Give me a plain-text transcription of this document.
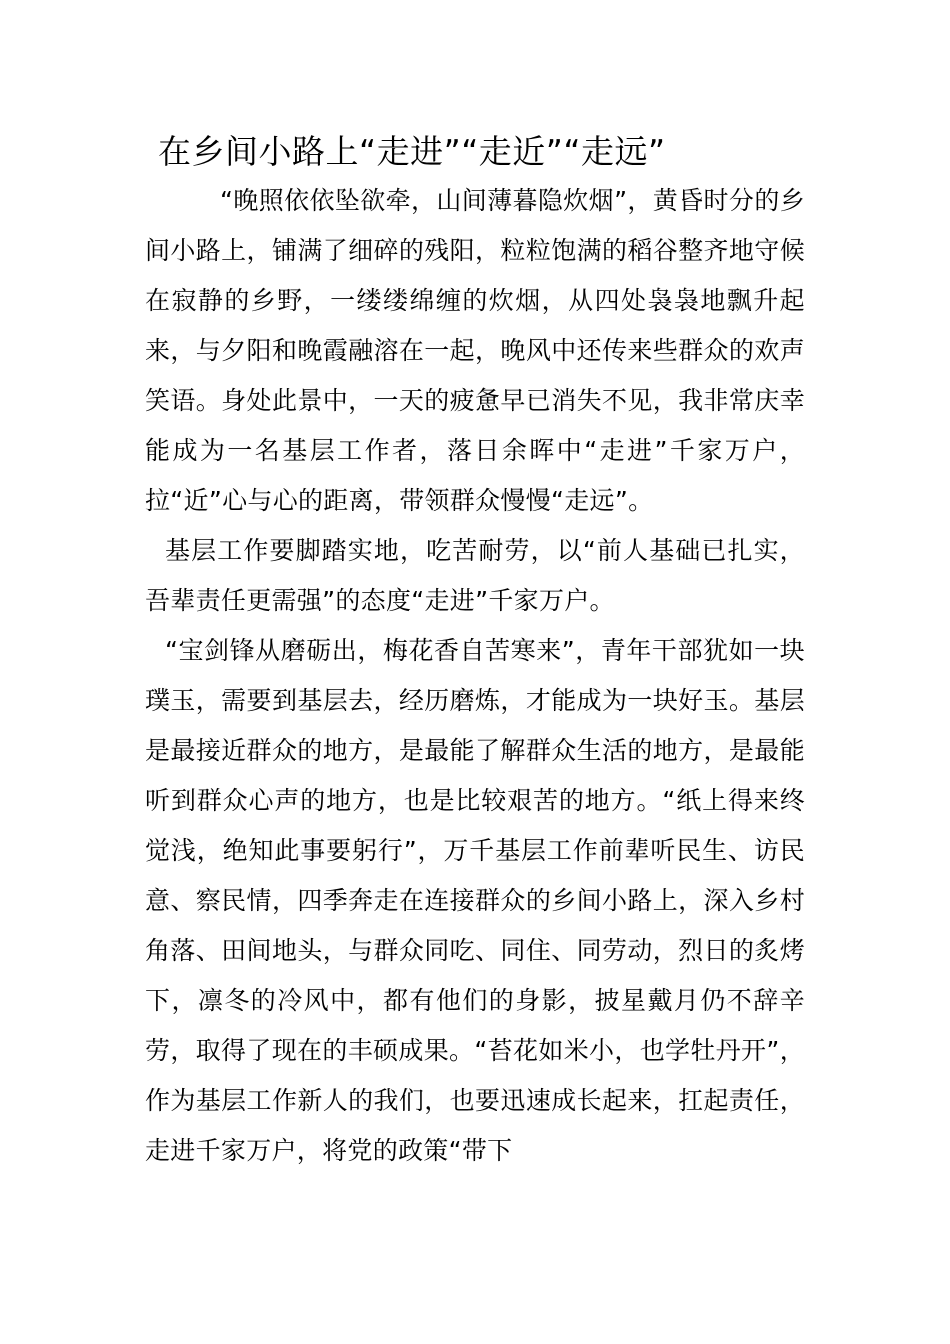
在乡间小路上“走进”“走近”“走远”

“晚照依依坠欲牵，山间薄暮隐炊烟”，黄昏时分的乡间小路上，铺满了细碎的残阳，粒粒饱满的稻谷整齐地守候在寂静的乡野，一缕缕绵缠的炊烟，从四处袅袅地飘升起来，与夕阳和晚霞融溶在一起，晚风中还传来些群众的欢声笑语。身处此景中，一天的疲惫早已消失不见，我非常庆幸能成为一名基层工作者，落日余晖中“走进”千家万户，拉“近”心与心的距离，带领群众慢慢“走远”。

基层工作要脚踏实地，吃苦耐劳，以“前人基础已扎实，吾辈责任更需强”的态度“走进”千家万户。

“宝剑锋从磨砺出，梅花香自苦寒来”，青年干部犹如一块璞玉，需要到基层去，经历磨炼，才能成为一块好玉。基层是最接近群众的地方，是最能了解群众生活的地方，是最能听到群众心声的地方，也是比较艰苦的地方。“纸上得来终觉浅，绝知此事要躬行”，万千基层工作前辈听民生、访民意、察民情，四季奔走在连接群众的乡间小路上，深入乡村角落、田间地头，与群众同吃、同住、同劳动，烈日的炙烤下，凛冬的冷风中，都有他们的身影，披星戴月仍不辞辛劳，取得了现在的丰硕成果。“苔花如米小，也学牡丹开”，作为基层工作新人的我们，也要迅速成长起来，扛起责任，走进千家万户，将党的政策“带下
